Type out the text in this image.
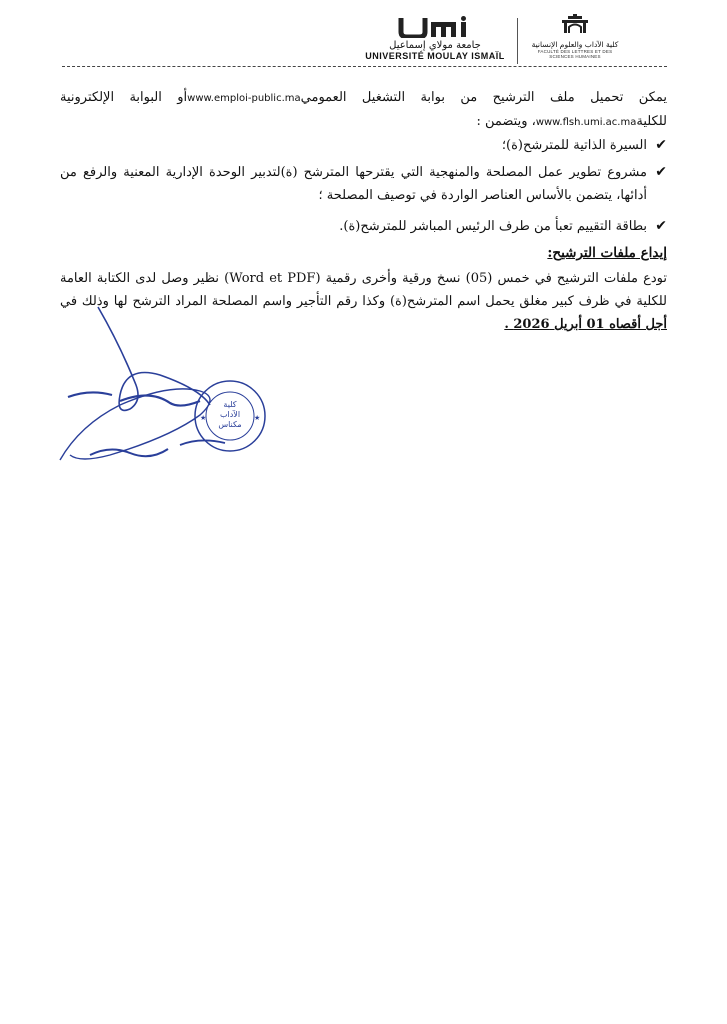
جامعة مولاي إسماعيل
UNIVERSITÉ MOULAY ISMAÏL
كلية الآداب والعلوم الإنسانية
FACULTÉ DES LETTRES ET DES SCIENCES HUMAINES

يمكن تحميل ملف الترشيح من بوابة التشغيل العموميwww.emploi-public.maأو البوابة الإلكترونية للكليةwww.flsh.umi.ac.ma، ويتضمن :

✔
السيرة الذاتية للمترشح(ة)؛
✔
مشروع تطوير عمل المصلحة والمنهجية التي يقترحها المترشح (ة)لتدبير الوحدة الإدارية المعنية والرفع من أدائها، يتضمن بالأساس العناصر الواردة في توصيف المصلحة ؛
✔
بطاقة التقييم تعبأ من طرف الرئيس المباشر للمترشح(ة).
إيداع ملفات الترشيح:

تودع ملفات الترشيح في خمس (05) نسخ ورقية وأخرى رقمية (Word et PDF) نظير وصل لدى الكتابة العامة للكلية في ظرف كبير مغلق يحمل اسم المترشح(ة) وكذا رقم التأجير واسم المصلحة المراد الترشح لها وذلك في أجل أقصاه 01 أبريل 2026 .

★	★
كلية
الآداب
مكناس
